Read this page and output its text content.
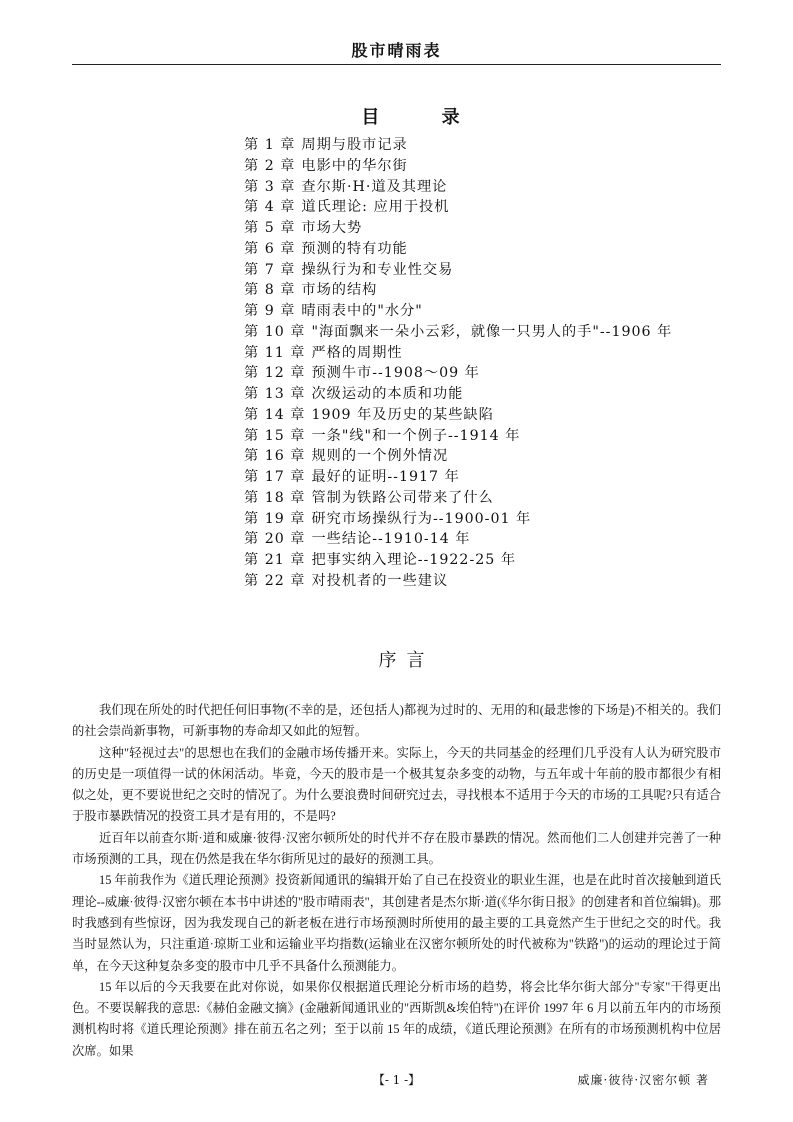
股市晴雨表
目 录
第 1 章 周期与股市记录
第 2 章 电影中的华尔街
第 3 章 查尔斯·H·道及其理论
第 4 章 道氏理论: 应用于投机
第 5 章 市场大势
第 6 章 预测的特有功能
第 7 章 操纵行为和专业性交易
第 8 章 市场的结构
第 9 章 晴雨表中的"水分"
第 10 章 "海面飘来一朵小云彩，就像一只男人的手"--1906 年
第 11 章 严格的周期性
第 12 章 预测牛市--1908～09 年
第 13 章 次级运动的本质和功能
第 14 章 1909 年及历史的某些缺陷
第 15 章 一条"线"和一个例子--1914 年
第 16 章 规则的一个例外情况
第 17 章 最好的证明--1917 年
第 18 章 管制为铁路公司带来了什么
第 19 章 研究市场操纵行为--1900-01 年
第 20 章 一些结论--1910-14 年
第 21 章 把事实纳入理论--1922-25 年
第 22 章 对投机者的一些建议
序言

我们现在所处的时代把任何旧事物(不幸的是，还包括人)都视为过时的、无用的和(最悲惨的下场是)不相关的。我们的社会崇尚新事物，可新事物的寿命却又如此的短暂。

这种"轻视过去"的思想也在我们的金融市场传播开来。实际上，今天的共同基金的经理们几乎没有人认为研究股市的历史是一项值得一试的休闲活动。毕竟，今天的股市是一个极其复杂多变的动物，与五年或十年前的股市都很少有相似之处，更不要说世纪之交时的情况了。为什么要浪费时间研究过去，寻找根本不适用于今天的市场的工具呢?只有适合于股市暴跌情况的投资工具才是有用的，不是吗?

近百年以前查尔斯·道和威廉·彼得·汉密尔顿所处的时代并不存在股市暴跌的情况。然而他们二人创建并完善了一种市场预测的工具，现在仍然是我在华尔街所见过的最好的预测工具。

15 年前我作为《道氏理论预测》投资新闻通讯的编辑开始了自己在投资业的职业生涯，也是在此时首次接触到道氏理论--威廉·彼得·汉密尔顿在本书中讲述的"股市晴雨表"，其创建者是杰尔斯·道(《华尔街日报》的创建者和首位编辑)。那时我感到有些惊讶，因为我发现自己的新老板在进行市场预测时所使用的最主要的工具竟然产生于世纪之交的时代。我当时显然认为，只注重道·琼斯工业和运输业平均指数(运输业在汉密尔顿所处的时代被称为"铁路")的运动的理论过于简单，在今天这种复杂多变的股市中几乎不具备什么预测能力。

15 年以后的今天我要在此对你说，如果你仅根据道氏理论分析市场的趋势，将会比华尔街大部分"专家"干得更出色。不要误解我的意思:《赫伯金融文摘》(金融新闻通讯业的"西斯凯&埃伯特")在评价 1997 年 6 月以前五年内的市场预测机构时将《道氏理论预测》排在前五名之列；至于以前 15 年的成绩，《道氏理论预测》在所有的市场预测机构中位居次席。如果

【- 1 -】	威廉·彼待·汉密尔顿 著
